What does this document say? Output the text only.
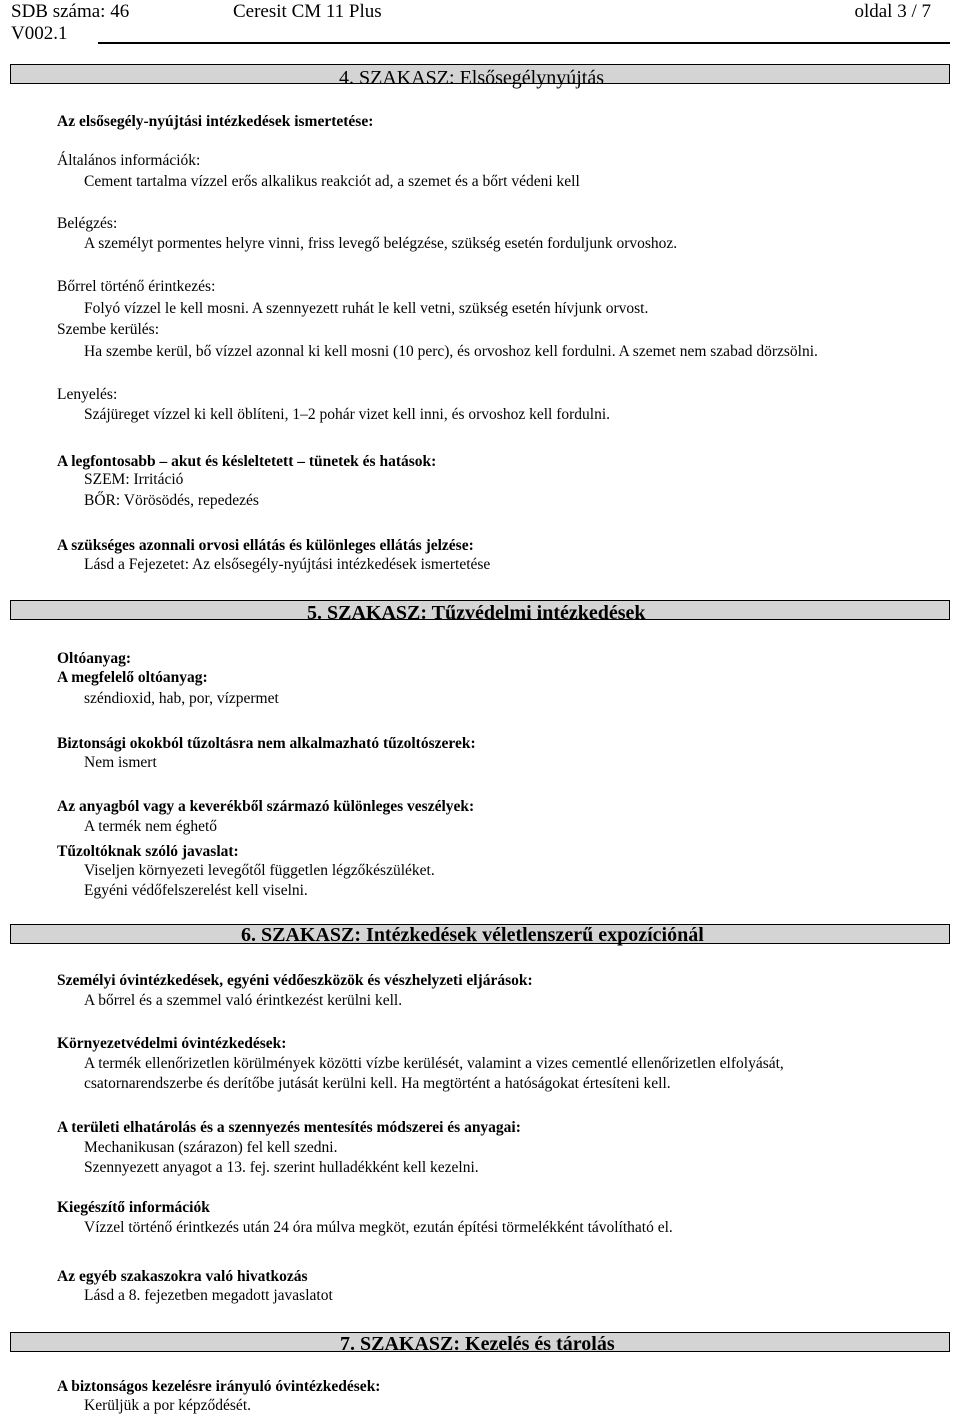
SDB száma: 46
V002.1
Ceresit CM 11 Plus	oldal 3 / 7
4. SZAKASZ: Elsősegélynyújtás
Az elsősegély-nyújtási intézkedések ismertetése:
Általános információk:
Cement tartalma vízzel erős alkalikus reakciót ad, a szemet és a bőrt védeni kell
Belégzés:
A személyt pormentes helyre vinni, friss levegő belégzése, szükség esetén forduljunk orvoshoz.
Bőrrel történő érintkezés:
Folyó vízzel le kell mosni. A szennyezett ruhát le kell vetni, szükség esetén hívjunk orvost.
Szembe kerülés:
Ha szembe kerül, bő vízzel azonnal ki kell mosni (10 perc), és orvoshoz kell fordulni. A szemet nem szabad dörzsölni.
Lenyelés:
Szájüreget vízzel ki kell öblíteni, 1–2 pohár vizet kell inni, és orvoshoz kell fordulni.
A legfontosabb – akut és késleltetett – tünetek és hatások:
SZEM: Irritáció
BŐR: Vörösödés, repedezés
A szükséges azonnali orvosi ellátás és különleges ellátás jelzése:
Lásd a Fejezetet: Az elsősegély-nyújtási intézkedések ismertetése
5. SZAKASZ: Tűzvédelmi intézkedések
Oltóanyag:
A megfelelő oltóanyag:
széndioxid, hab, por, vízpermet
Biztonsági okokból tűzoltásra nem alkalmazható tűzoltószerek:
Nem ismert
Az anyagból vagy a keverékből származó különleges veszélyek:
A termék nem éghető
Tűzoltóknak szóló javaslat:
Viseljen környezeti levegőtől független légzőkészüléket.
Egyéni védőfelszerelést kell viselni.
6. SZAKASZ: Intézkedések véletlenszerű expozíciónál
Személyi óvintézkedések, egyéni védőeszközök és vészhelyzeti eljárások:
A bőrrel és a szemmel való érintkezést kerülni kell.
Környezetvédelmi óvintézkedések:
A termék ellenőrizetlen körülmények közötti vízbe kerülését, valamint a vizes cementlé ellenőrizetlen elfolyását,
csatornarendszerbe és derítőbe jutását kerülni kell. Ha megtörtént a hatóságokat értesíteni kell.
A területi elhatárolás és a szennyezés mentesítés módszerei és anyagai:
Mechanikusan (szárazon) fel kell szedni.
Szennyezett anyagot a 13. fej. szerint hulladékként kell kezelni.
Kiegészítő információk
Vízzel történő érintkezés után 24 óra múlva megköt, ezután építési törmelékként távolítható el.
Az egyéb szakaszokra való hivatkozás
Lásd a 8. fejezetben megadott javaslatot
7. SZAKASZ: Kezelés és tárolás
A biztonságos kezelésre irányuló óvintézkedések:
Kerüljük a por képződését.
